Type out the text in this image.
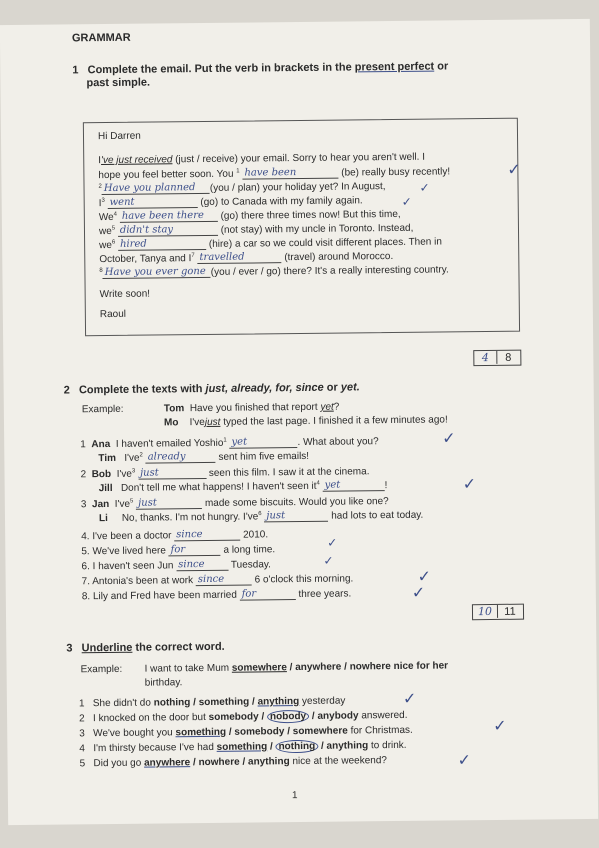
GRAMMAR
1 Complete the email. Put the verb in brackets in the present perfect or
past simple.
Hi Darren
I've just received (just / receive) your email. Sorry to hear you aren't well. I
hope you feel better soon. You $^1$ have been	(be) really busy recently!
$^2$ Have you planned (you / plan) your holiday yet? In August,
$I^3$ went	(go) to Canada with my family again.
We$^4$ have been there (go) there three times now! But this time,
$we^5$ didn't stay	(not stay) with my uncle in Toronto. Instead,
$we^6$ hired	(hire) a car so we could visit different places. Then in
October, Tanya and $I^7$ travelled	(travel) around Morocco.
$^8$ Have you ever gone (you / ever / go) there? It's a really interesting country.
Write soon!
Raoul
✓
✓
✓
4 8
2 Complete the texts with just, already, for, since or yet.
Example:	Tom Have you finished that report yet?
Mo I'vejust typed the last page. I finished it a few minutes ago!
1 Ana I haven't emailed Yoshio$^1$ yet	. What about you?
Tim $I've^2$ already	sent him five emails!
2 Bob $I've^3$ just	seen this film. I saw it at the cinema.
Jill Don't tell me what happens! I haven't seen $it^4$ yet	!
3 Jan $I've^5$ just	made some biscuits. Would you like one?
Li No, thanks. I'm not hungry. $I've^6$ just	had lots to eat today.
4. I've been a doctor since	2010.
5. We've lived here for	a long time.
6. I haven't seen Jun since	Tuesday.
7. Antonia's been at work since	6 o'clock this morning.
8. Lily and Fred have been married for	three years.
✓
✓
✓
✓
✓
✓
10 11
3 Underline the correct word.
Example: I want to take Mum somewhere / anywhere / nowhere nice for her
birthday.
1 She didn't do nothing / something / anything yesterday
2 I knocked on the door but somebody / nobody / anybody answered.
3 We've bought you something / somebody / somewhere for Christmas.
4 I'm thirsty because I've had something / nothing / anything to drink.
5 Did you go anywhere / nowhere / anything nice at the weekend?
✓
✓
✓
1
